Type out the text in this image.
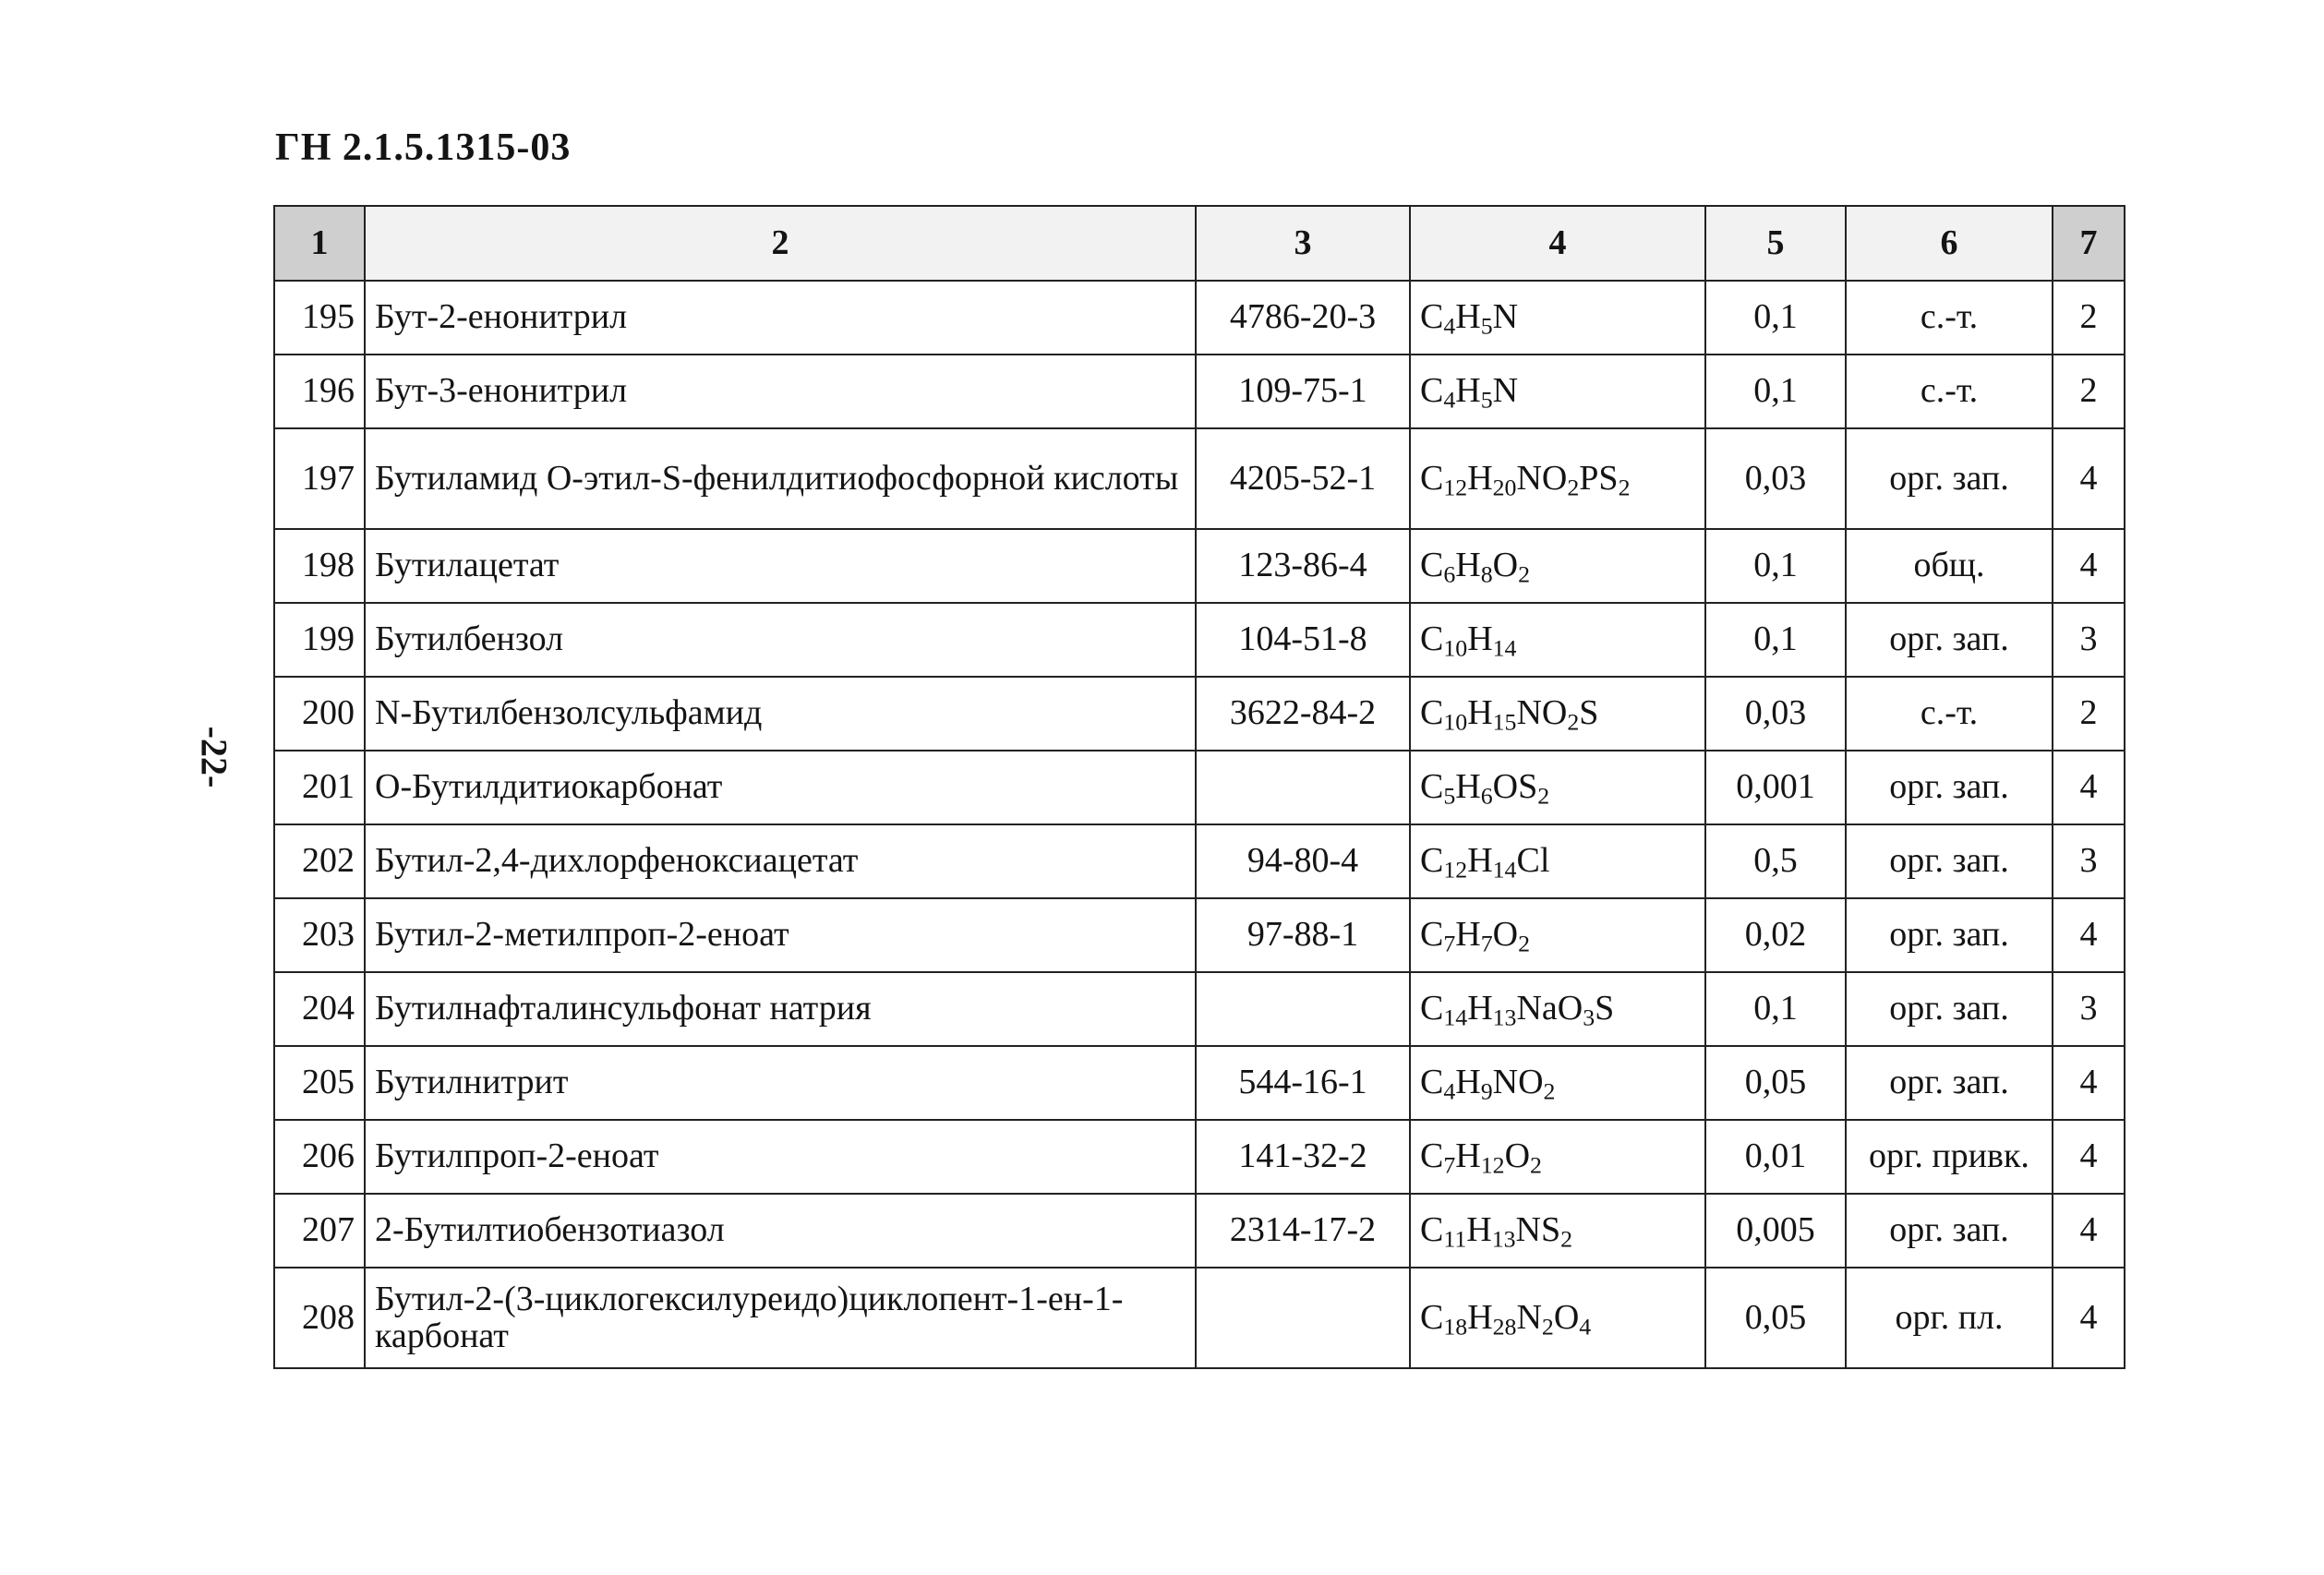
ГН 2.1.5.1315-03
-22-
1	2	3	4	5	6	7
195	Бут-2-енонитрил	4786-20-3	$C_4H_5N$	0,1	с.-т.	2
196	Бут-3-енонитрил	109-75-1	$C_4H_5N$	0,1	с.-т.	2
197	Бутиламид О-этил-S-фенилдитиофосфорной кислоты	4205-52-1	$C_{12}H_{20}NO_2PS_2$	0,03	орг. зап.	4
198	Бутилацетат	123-86-4	$C_6H_8O_2$	0,1	общ.	4
199	Бутилбензол	104-51-8	$C_{10}H_{14}$	0,1	орг. зап.	3
200	N-Бутилбензолсульфамид	3622-84-2	$C_{10}H_{15}NO_2S$	0,03	с.-т.	2
201	О-Бутилдитиокарбонат		$C_5H_6OS_2$	0,001	орг. зап.	4
202	Бутил-2,4-дихлорфеноксиацетат	94-80-4	$C_{12}H_{14}Cl$	0,5	орг. зап.	3
203	Бутил-2-метилпроп-2-еноат	97-88-1	$C_7H_7O_2$	0,02	орг. зап.	4
204	Бутилнафталинсульфонат натрия		$C_{14}H_{13}NaO_3S$	0,1	орг. зап.	3
205	Бутилнитрит	544-16-1	$C_4H_9NO_2$	0,05	орг. зап.	4
206	Бутилпроп-2-еноат	141-32-2	$C_7H_{12}O_2$	0,01	орг. привк.	4
207	2-Бутилтиобензотиазол	2314-17-2	$C_{11}H_{13}NS_2$	0,005	орг. зап.	4
208	Бутил-2-(3-циклогексилуреидо)циклопент-1-ен-1-карбонат		$C_{18}H_{28}N_2O_4$	0,05	орг. пл.	4
